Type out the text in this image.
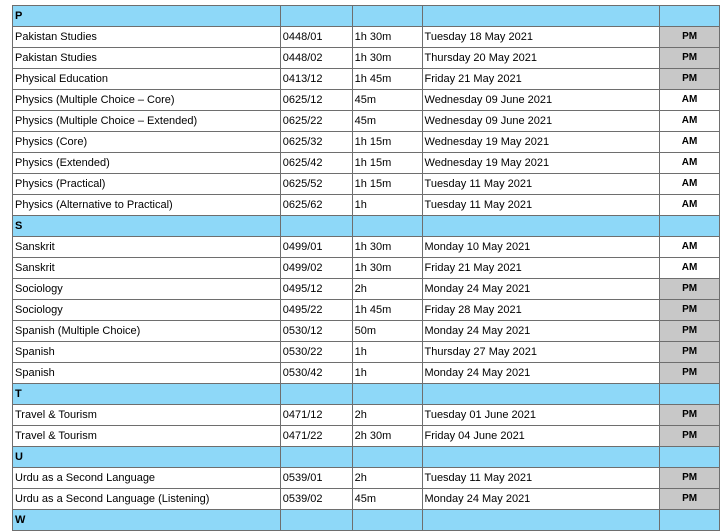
P				
Pakistan Studies	0448/01	1h 30m	Tuesday 18 May 2021	PM
Pakistan Studies	0448/02	1h 30m	Thursday 20 May 2021	PM
Physical Education	0413/12	1h 45m	Friday 21 May 2021	PM
Physics (Multiple Choice – Core)	0625/12	45m	Wednesday 09 June 2021	AM
Physics (Multiple Choice – Extended)	0625/22	45m	Wednesday 09 June 2021	AM
Physics (Core)	0625/32	1h 15m	Wednesday 19 May 2021	AM
Physics (Extended)	0625/42	1h 15m	Wednesday 19 May 2021	AM
Physics (Practical)	0625/52	1h 15m	Tuesday 11 May 2021	AM
Physics (Alternative to Practical)	0625/62	1h	Tuesday 11 May 2021	AM
S				
Sanskrit	0499/01	1h 30m	Monday 10 May 2021	AM
Sanskrit	0499/02	1h 30m	Friday 21 May 2021	AM
Sociology	0495/12	2h	Monday 24 May 2021	PM
Sociology	0495/22	1h 45m	Friday 28 May 2021	PM
Spanish (Multiple Choice)	0530/12	50m	Monday 24 May 2021	PM
Spanish	0530/22	1h	Thursday 27 May 2021	PM
Spanish	0530/42	1h	Monday 24 May 2021	PM
T				
Travel & Tourism	0471/12	2h	Tuesday 01 June 2021	PM
Travel & Tourism	0471/22	2h 30m	Friday 04 June 2021	PM
U				
Urdu as a Second Language	0539/01	2h	Tuesday 11 May 2021	PM
Urdu as a Second Language (Listening)	0539/02	45m	Monday 24 May 2021	PM
W				
